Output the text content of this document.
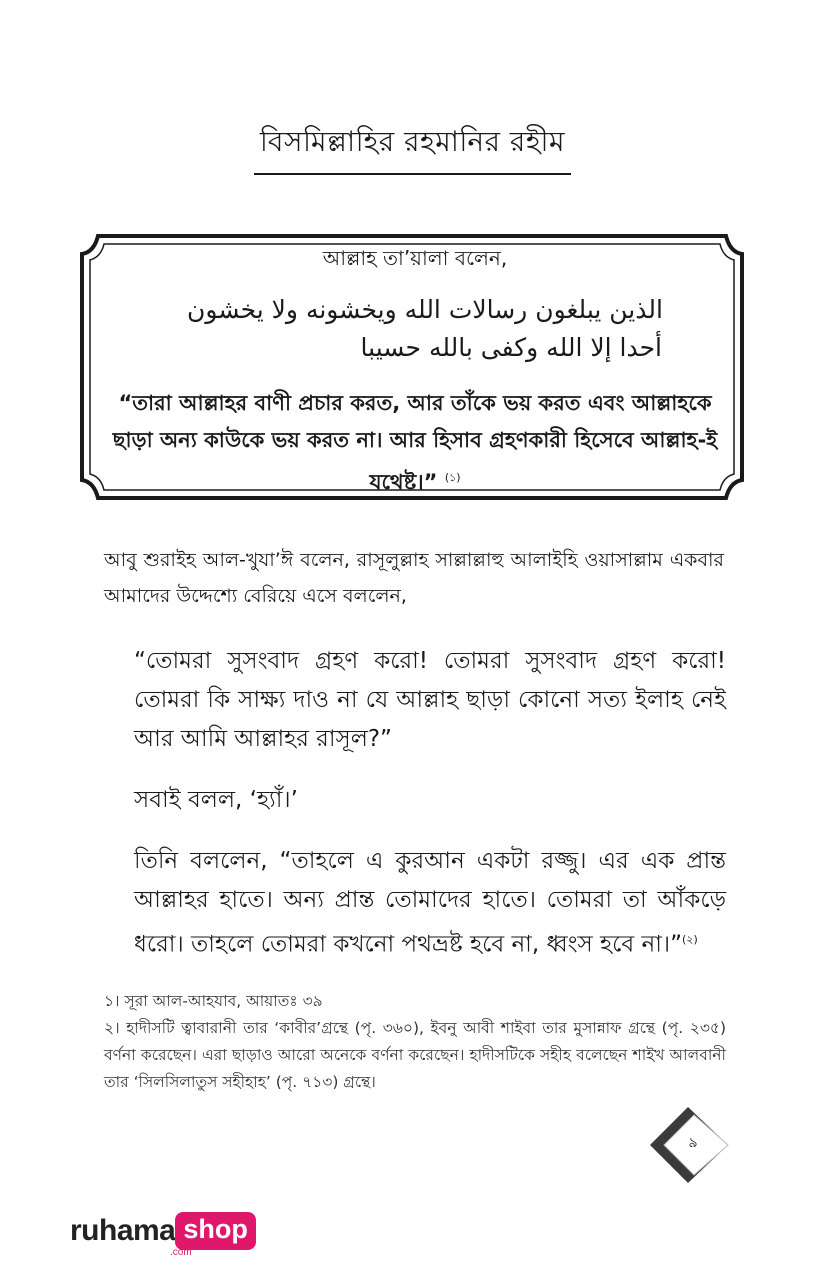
বিসমিল্লাহির রহমানির রহীম
আল্লাহ তা’য়ালা বলেন,
الذين يبلغون رسالات الله ويخشونه ولا يخشون
أحدا إلا الله وكفى بالله حسيبا
“তারা আল্লাহর বাণী প্রচার করত, আর তাঁকে ভয় করত এবং আল্লাহকে ছাড়া অন্য কাউকে ভয় করত না। আর হিসাব গ্রহণকারী হিসেবে আল্লাহ-ই যথেষ্ট।” $^{(১)}$
আবু শুরাইহ আল-খুযা’ঈ বলেন, রাসূলুল্লাহ সাল্লাল্লাহু আলাইহি ওয়াসাল্লাম একবার আমাদের উদ্দেশ্যে বেরিয়ে এসে বললেন,

“তোমরা সুসংবাদ গ্রহণ করো! তোমরা সুসংবাদ গ্রহণ করো! তোমরা কি সাক্ষ্য দাও না যে আল্লাহ ছাড়া কোনো সত্য ইলাহ নেই আর আমি আল্লাহর রাসূল?”

সবাই বলল, ‘হ্যাঁ।’

তিনি বললেন, “তাহলে এ কুরআন একটা রজ্জু। এর এক প্রান্ত আল্লাহর হাতে। অন্য প্রান্ত তোমাদের হাতে। তোমরা তা আঁকড়ে ধরো। তাহলে তোমরা কখনো পথভ্রষ্ট হবে না, ধ্বংস হবে না।”$^{(২)}$

১। সূরা আল-আহযাব, আয়াতঃ ৩৯
২। হাদীসটি ত্বাবারানী তার ‘কাবীর’গ্রন্থে (পৃ. ৩৬০), ইবনু আবী শাইবা তার মুসান্নাফ গ্রন্থে (পৃ. ২৩৫) বর্ণনা করেছেন। এরা ছাড়াও আরো অনেকে বর্ণনা করেছেন। হাদীসটিকে সহীহ বলেছেন শাইখ আলবানী তার ‘সিলসিলাতুস সহীহাহ’ (পৃ. ৭১৩) গ্রন্থে।
৯
ruhama shop
.com
